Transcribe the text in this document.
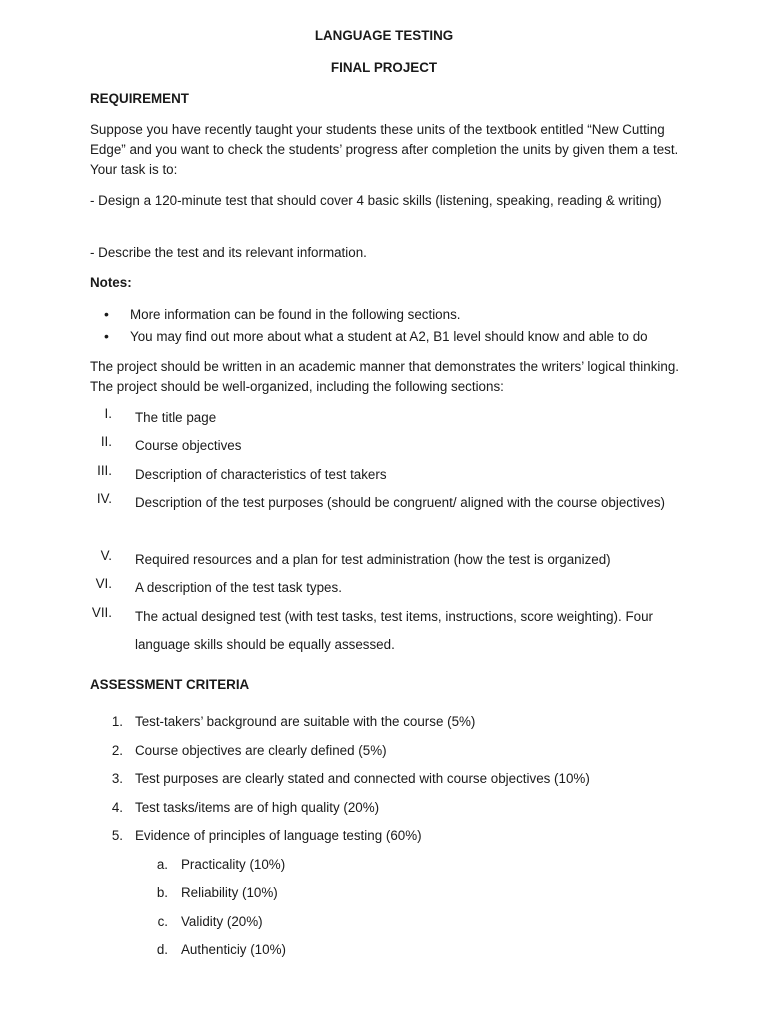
LANGUAGE TESTING
FINAL PROJECT
REQUIREMENT
Suppose you have recently taught your students these units of the textbook entitled “New Cutting Edge” and you want to check the students’ progress after completion the units by given them a test. Your task is to:
- Design a 120-minute test that should cover 4 basic skills (listening, speaking, reading & writing)
- Describe the test and its relevant information.
Notes:
• More information can be found in the following sections.
• You may find out more about what a student at A2, B1 level should know and able to do
The project should be written in an academic manner that demonstrates the writers’ logical thinking. The project should be well-organized, including the following sections:
I. The title page
II. Course objectives
III. Description of characteristics of test takers
IV. Description of the test purposes (should be congruent/ aligned with the course objectives)
V. Required resources and a plan for test administration (how the test is organized)
VI. A description of the test task types.
VII. The actual designed test (with test tasks, test items, instructions, score weighting). Four language skills should be equally assessed.
ASSESSMENT CRITERIA
1. Test-takers’ background are suitable with the course (5%)
2. Course objectives are clearly defined (5%)
3. Test purposes are clearly stated and connected with course objectives (10%)
4. Test tasks/items are of high quality (20%)
5. Evidence of principles of language testing (60%)
a. Practicality (10%)
b. Reliability (10%)
c. Validity (20%)
d. Authenticiy (10%)
